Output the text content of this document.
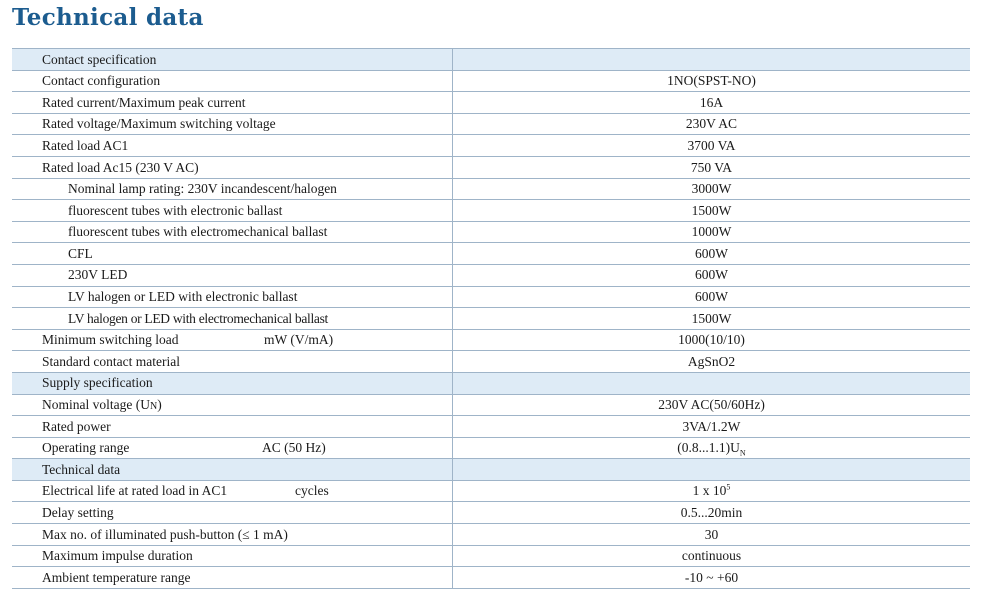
Technical data
Contact specification	
Contact configuration	1NO(SPST-NO)
Rated current/Maximum peak current	16A
Rated voltage/Maximum switching voltage	230V AC
Rated load AC1	3700 VA
Rated load Ac15 (230 V AC)	750 VA
Nominal lamp rating: 230V incandescent/halogen	3000W
fluorescent tubes with electronic ballast	1500W
fluorescent tubes with electromechanical ballast	1000W
CFL	600W
230V LED	600W
LV halogen or LED with electronic ballast	600W
LV halogen or LED with electromechanical ballast	1500W
Minimum switching load mW (V/mA)	1000(10/10)
Standard contact material	AgSnO2
Supply specification	
Nominal voltage (UN)	230V AC(50/60Hz)
Rated power	3VA/1.2W
Operating range AC (50 Hz)	$(0.8...1.1)U_N$
Technical data	
Electrical life at rated load in AC1 cycles	1 x $10^5$
Delay setting	0.5...20min
Max no. of illuminated push-button (≤ 1 mA)	30
Maximum impulse duration	continuous
Ambient temperature range	-10 ~ +60
